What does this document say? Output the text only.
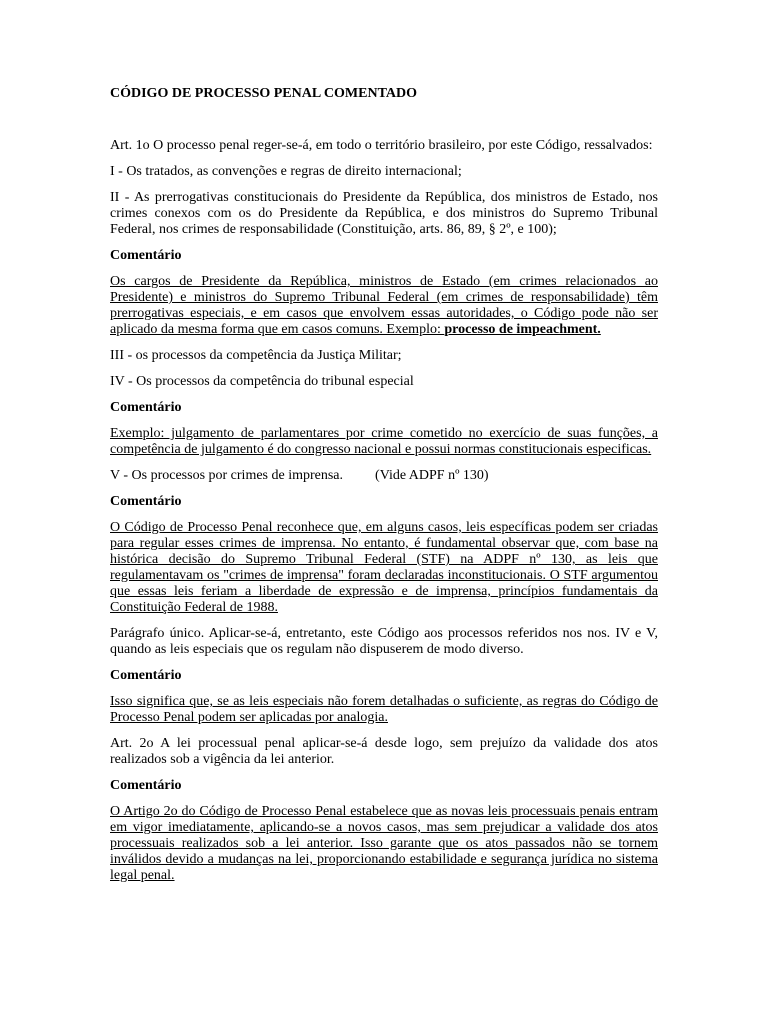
CÓDIGO DE PROCESSO PENAL COMENTADO

Art. 1o O processo penal reger-se-á, em todo o território brasileiro, por este Código, ressalvados:

I - Os tratados, as convenções e regras de direito internacional;

II - As prerrogativas constitucionais do Presidente da República, dos ministros de Estado, nos crimes conexos com os do Presidente da República, e dos ministros do Supremo Tribunal Federal, nos crimes de responsabilidade (Constituição, arts. 86, 89, § 2º, e 100);

Comentário

Os cargos de Presidente da República, ministros de Estado (em crimes relacionados ao Presidente) e ministros do Supremo Tribunal Federal (em crimes de responsabilidade) têm prerrogativas especiais, e em casos que envolvem essas autoridades, o Código pode não ser aplicado da mesma forma que em casos comuns. Exemplo: processo de impeachment.

III - os processos da competência da Justiça Militar;

IV - Os processos da competência do tribunal especial

Comentário

Exemplo: julgamento de parlamentares por crime cometido no exercício de suas funções, a competência de julgamento é do congresso nacional e possui normas constitucionais especificas.

V - Os processos por crimes de imprensa. (Vide ADPF nº 130)

Comentário

O Código de Processo Penal reconhece que, em alguns casos, leis específicas podem ser criadas para regular esses crimes de imprensa. No entanto, é fundamental observar que, com base na histórica decisão do Supremo Tribunal Federal (STF) na ADPF nº 130, as leis que regulamentavam os "crimes de imprensa" foram declaradas inconstitucionais. O STF argumentou que essas leis feriam a liberdade de expressão e de imprensa, princípios fundamentais da Constituição Federal de 1988.

Parágrafo único. Aplicar-se-á, entretanto, este Código aos processos referidos nos nos. IV e V, quando as leis especiais que os regulam não dispuserem de modo diverso.

Comentário

Isso significa que, se as leis especiais não forem detalhadas o suficiente, as regras do Código de Processo Penal podem ser aplicadas por analogia.

Art. 2o A lei processual penal aplicar-se-á desde logo, sem prejuízo da validade dos atos realizados sob a vigência da lei anterior.

Comentário

O Artigo 2o do Código de Processo Penal estabelece que as novas leis processuais penais entram em vigor imediatamente, aplicando-se a novos casos, mas sem prejudicar a validade dos atos processuais realizados sob a lei anterior. Isso garante que os atos passados não se tornem inválidos devido a mudanças na lei, proporcionando estabilidade e segurança jurídica no sistema legal penal.
